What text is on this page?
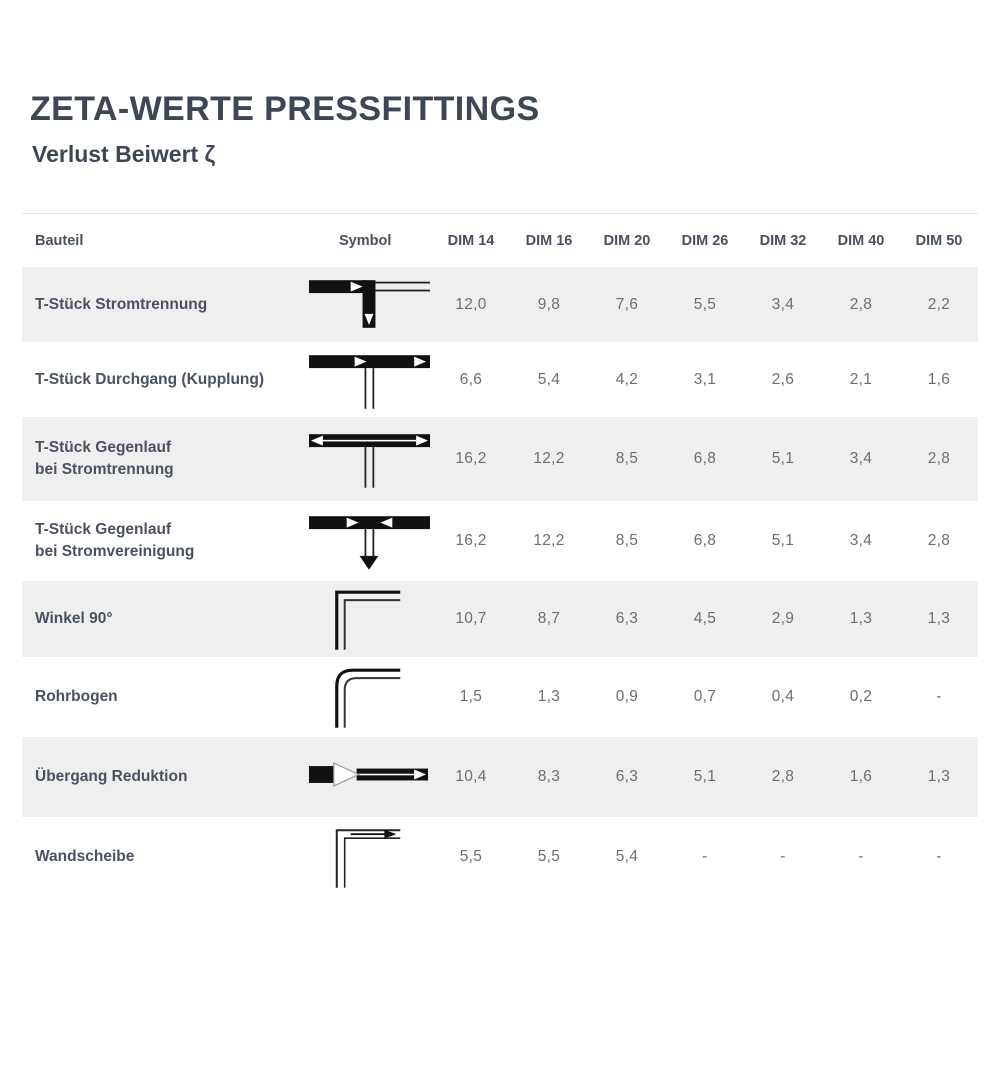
ZETA-WERTE PRESSFITTINGS
Verlust Beiwert ζ
Bauteil	Symbol	DIM 14	DIM 16	DIM 20	DIM 26	DIM 32	DIM 40	DIM 50
T-Stück Stromtrennung	12,0	9,8	7,6	5,5	3,4	2,8	2,2
T-Stück Durchgang (Kupplung)	6,6	5,4	4,2	3,1	2,6	2,1	1,6
T-Stück Gegenlauf
bei Stromtrennung
16,2	12,2	8,5	6,8	5,1	3,4	2,8
T-Stück Gegenlauf
bei Stromvereinigung
16,2	12,2	8,5	6,8	5,1	3,4	2,8
Winkel 90°	10,7	8,7	6,3	4,5	2,9	1,3	1,3
Rohrbogen	1,5	1,3	0,9	0,7	0,4	0,2	-
Übergang Reduktion	10,4	8,3	6,3	5,1	2,8	1,6	1,3
Wandscheibe	5,5	5,5	5,4	-	-	-	-
